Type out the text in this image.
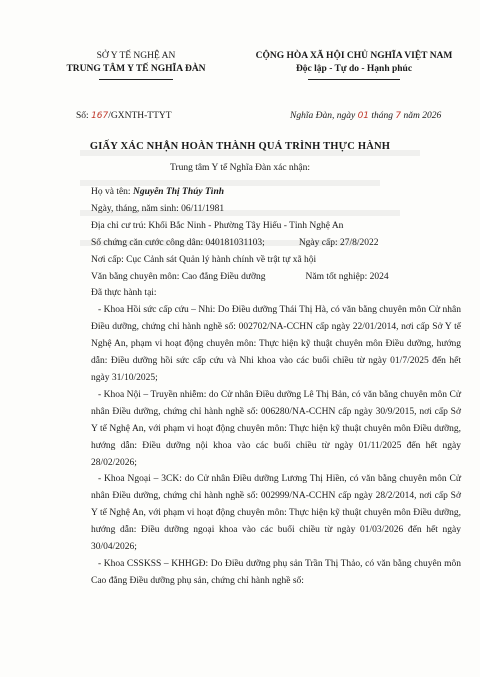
SỞ Y TẾ NGHỆ AN
TRUNG TÂM Y TẾ NGHĨA ĐÀN
CỘNG HÒA XÃ HỘI CHỦ NGHĨA VIỆT NAM
Độc lập - Tự do - Hạnh phúc
Số: 167/GXNTH-TTYT	Nghĩa Đàn, ngày 01 tháng 7 năm 2026
GIẤY XÁC NHẬN HOÀN THÀNH QUÁ TRÌNH THỰC HÀNH
Trung tâm Y tế Nghĩa Đàn xác nhận:
Họ và tên: Nguyễn Thị Thúy Tình
Ngày, tháng, năm sinh: 06/11/1981
Địa chỉ cư trú: Khối Bắc Ninh - Phường Tây Hiếu - Tỉnh Nghệ An
Số chứng căn cước công dân: 040181031103;	Ngày cấp: 27/8/2022
Nơi cấp: Cục Cảnh sát Quản lý hành chính về trật tự xã hội
Văn bằng chuyên môn: Cao đẳng Điều dưỡng	Năm tốt nghiệp: 2024
Đã thực hành tại:

- Khoa Hồi sức cấp cứu – Nhi: Do Điều dưỡng Thái Thị Hà, có văn bằng chuyên môn Cử nhân Điều dưỡng, chứng chỉ hành nghề số: 002702/NA-CCHN cấp ngày 22/01/2014, nơi cấp Sở Y tế Nghệ An, phạm vi hoạt động chuyên môn: Thực hiện kỹ thuật chuyên môn Điều dưỡng, hướng dẫn: Điều dưỡng hồi sức cấp cứu và Nhi khoa vào các buổi chiều từ ngày 01/7/2025 đến hết ngày 31/10/2025;

- Khoa Nội – Truyền nhiễm: do Cử nhân Điều dưỡng Lê Thị Bản, có văn bằng chuyên môn Cử nhân Điều dưỡng, chứng chỉ hành nghề số: 006280/NA-CCHN cấp ngày 30/9/2015, nơi cấp Sở Y tế Nghệ An, với phạm vi hoạt động chuyên môn: Thực hiện kỹ thuật chuyên môn Điều dưỡng, hướng dẫn: Điều dưỡng nội khoa vào các buổi chiều từ ngày 01/11/2025 đến hết ngày 28/02/2026;

- Khoa Ngoại – 3CK: do Cử nhân Điều dưỡng Lương Thị Hiền, có văn bằng chuyên môn Cử nhân Điều dưỡng, chứng chỉ hành nghề số: 002999/NA-CCHN cấp ngày 28/2/2014, nơi cấp Sở Y tế Nghệ An, với phạm vi hoạt động chuyên môn: Thực hiện kỹ thuật chuyên môn Điều dưỡng, hướng dẫn: Điều dưỡng ngoại khoa vào các buổi chiều từ ngày 01/03/2026 đến hết ngày 30/04/2026;

- Khoa CSSKSS – KHHGĐ: Do Điều dưỡng phụ sản Trần Thị Thảo, có văn bằng chuyên môn Cao đẳng Điều dưỡng phụ sản, chứng chỉ hành nghề số:
